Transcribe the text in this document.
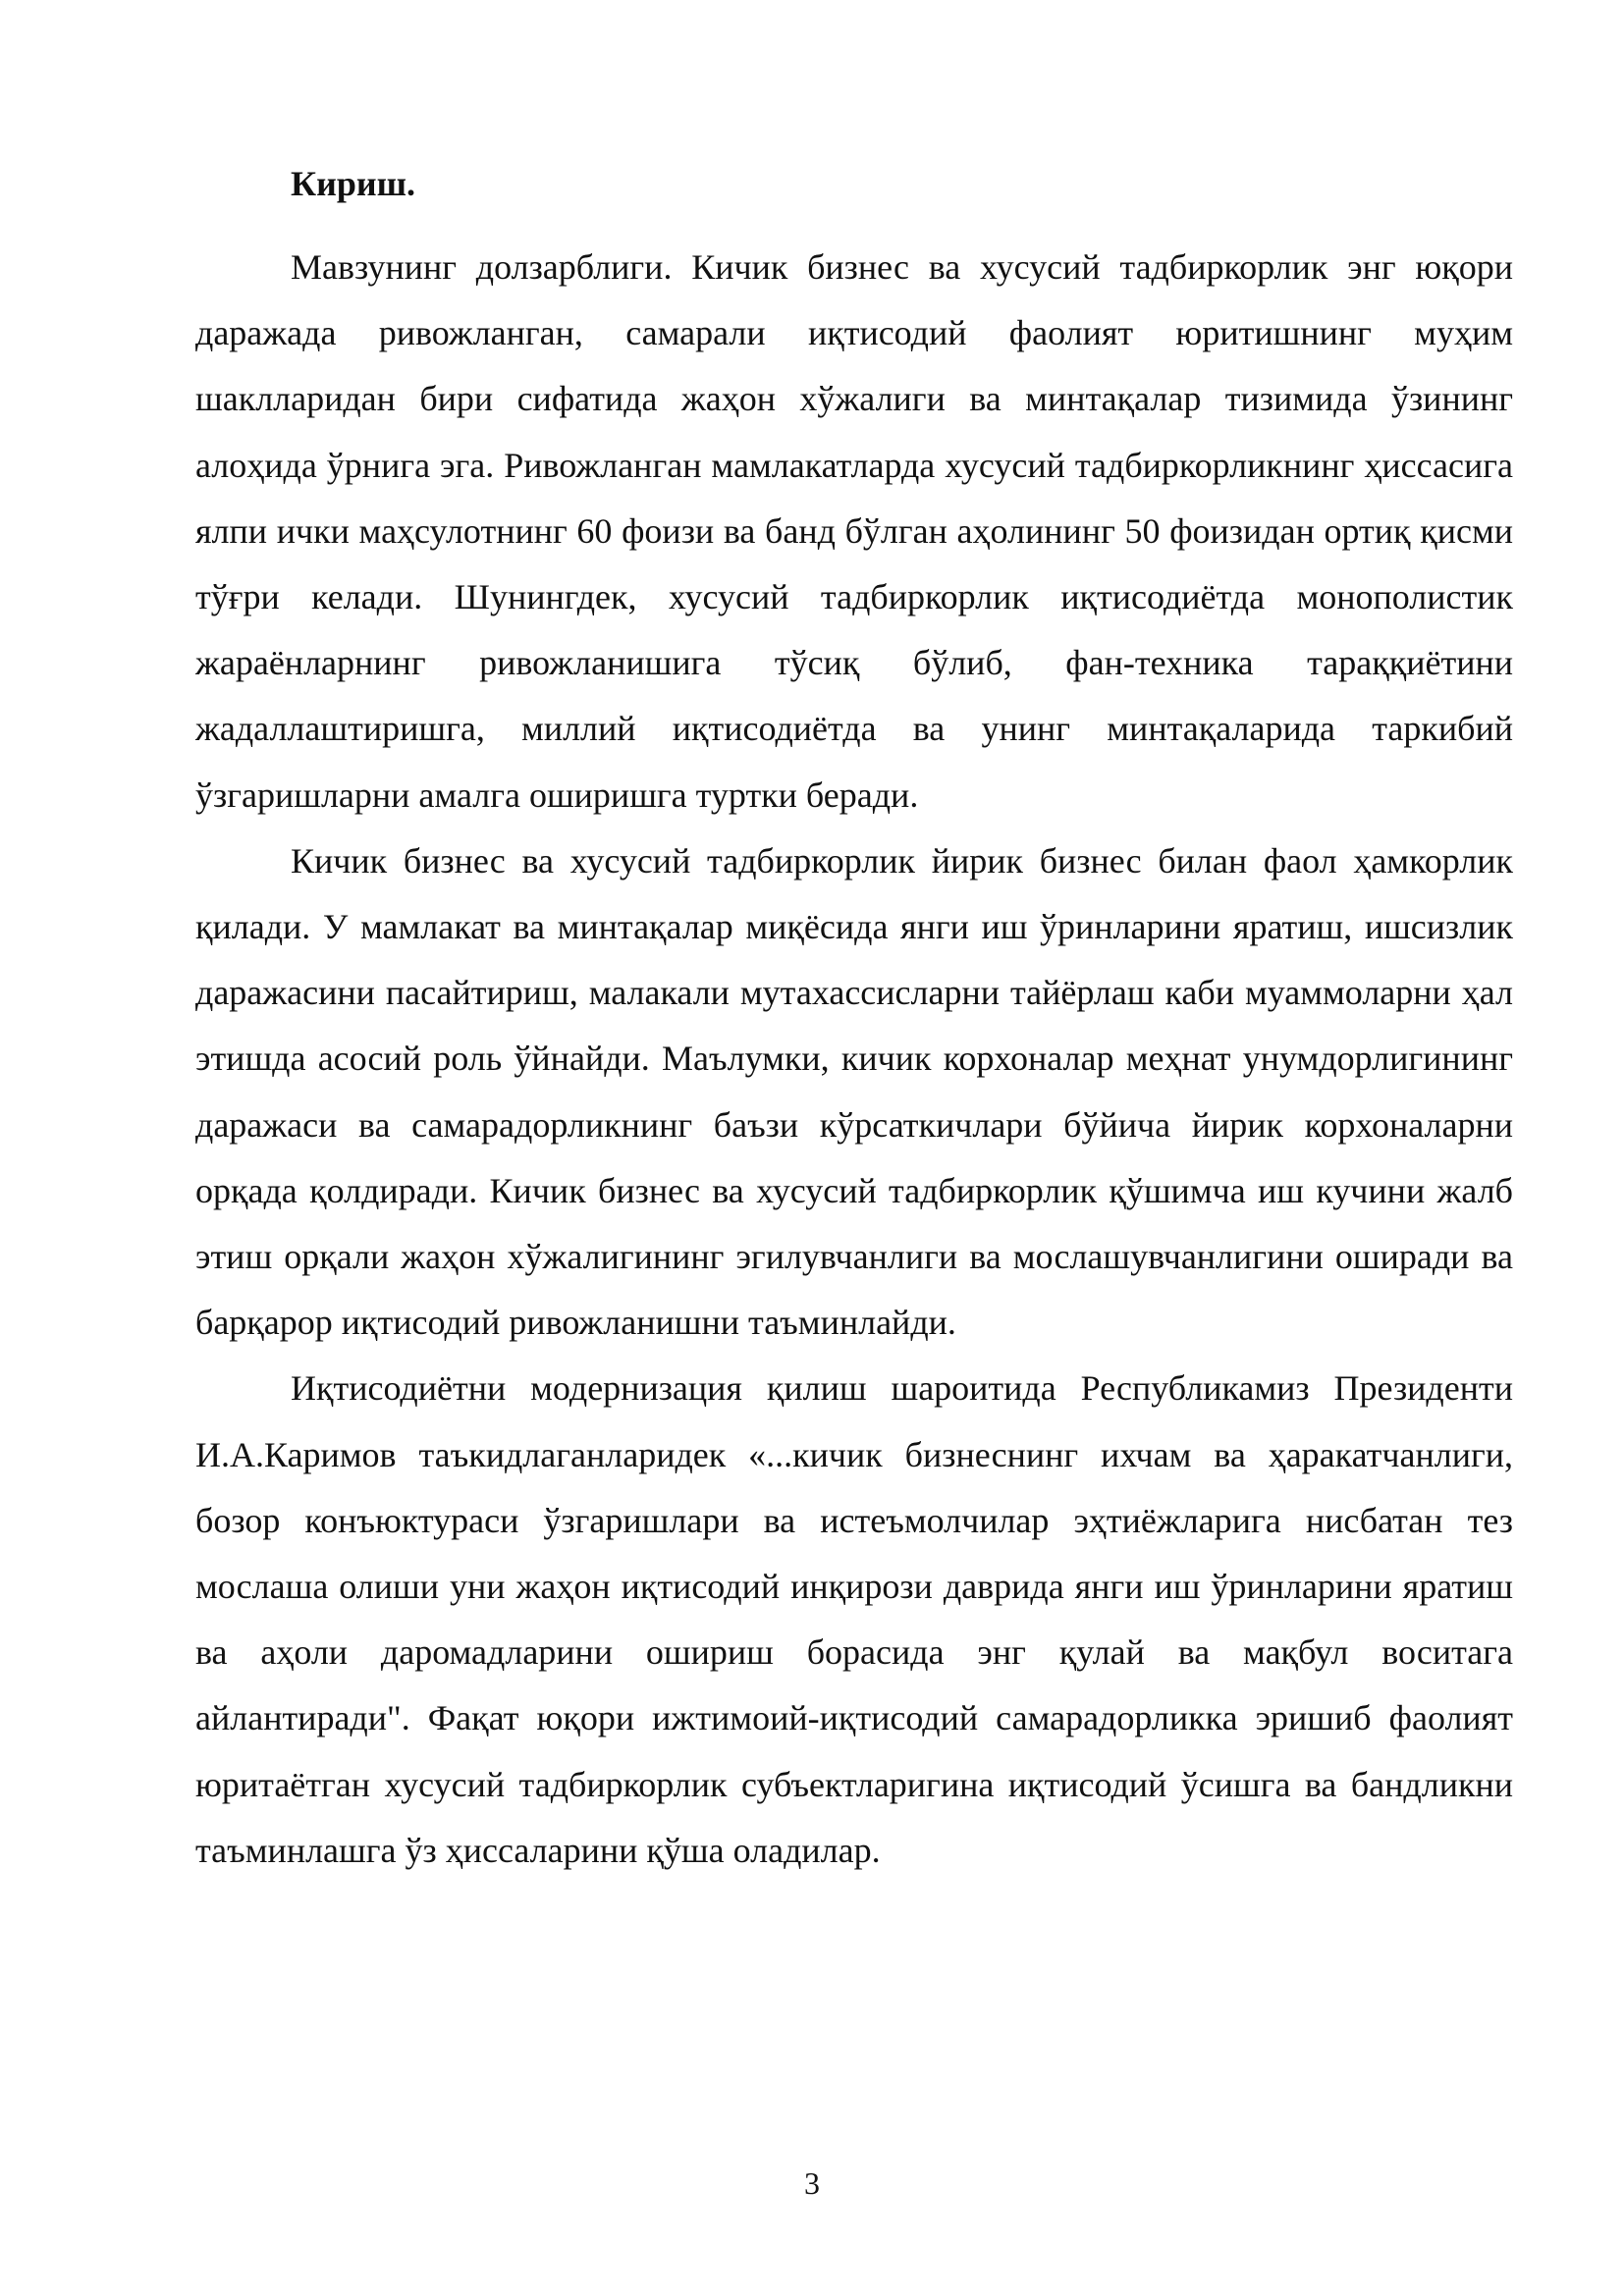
Кириш.

Мавзунинг долзарблиги. Кичик бизнес ва хусусий тадбиркорлик энг юқори даражада ривожланган, самарали иқтисодий фаолият юритишнинг муҳим шаклларидан бири сифатида жаҳон хўжалиги ва минтақалар тизимида ўзининг алоҳида ўрнига эга. Ривожланган мамлакатларда хусусий тадбиркорликнинг ҳиссасига ялпи ички маҳсулотнинг 60 фоизи ва банд бўлган аҳолининг 50 фоизидан ортиқ қисми тўғри келади. Шунингдек, хусусий тадбиркорлик иқтисодиётда монополистик жараёнларнинг ривожланишига тўсиқ бўлиб, фан-техника тараққиётини жадаллаштиришга, миллий иқтисодиётда ва унинг минтақаларида таркибий ўзгаришларни амалга оширишга туртки беради.

Кичик бизнес ва хусусий тадбиркорлик йирик бизнес билан фаол ҳамкорлик қилади. У мамлакат ва минтақалар миқёсида янги иш ўринларини яратиш, ишсизлик даражасини пасайтириш, малакали мутахассисларни тайёрлаш каби муаммоларни ҳал этишда асосий роль ўйнайди. Маълумки, кичик корхоналар меҳнат унумдорлигининг даражаси ва самарадорликнинг баъзи кўрсаткичлари бўйича йирик корхоналарни орқада қолдиради. Кичик бизнес ва хусусий тадбиркорлик қўшимча иш кучини жалб этиш орқали жаҳон хўжалигининг эгилувчанлиги ва мослашувчанлигини оширади ва барқарор иқтисодий ривожланишни таъминлайди.

Иқтисодиётни модернизация қилиш шароитида Республикамиз Президенти И.А.Каримов таъкидлаганларидек «...кичик бизнеснинг ихчам ва ҳаракатчанлиги, бозор конъюктураси ўзгаришлари ва истеъмолчилар эҳтиёжларига нисбатан тез мослаша олиши уни жаҳон иқтисодий инқирози даврида янги иш ўринларини яратиш ва аҳоли даромадларини ошириш борасида энг қулай ва мақбул воситага айлантиради". Фақат юқори ижтимоий-иқтисодий самарадорликка эришиб фаолият юритаётган хусусий тадбиркорлик субъектларигина иқтисодий ўсишга ва бандликни таъминлашга ўз ҳиссаларини қўша оладилар.

3
